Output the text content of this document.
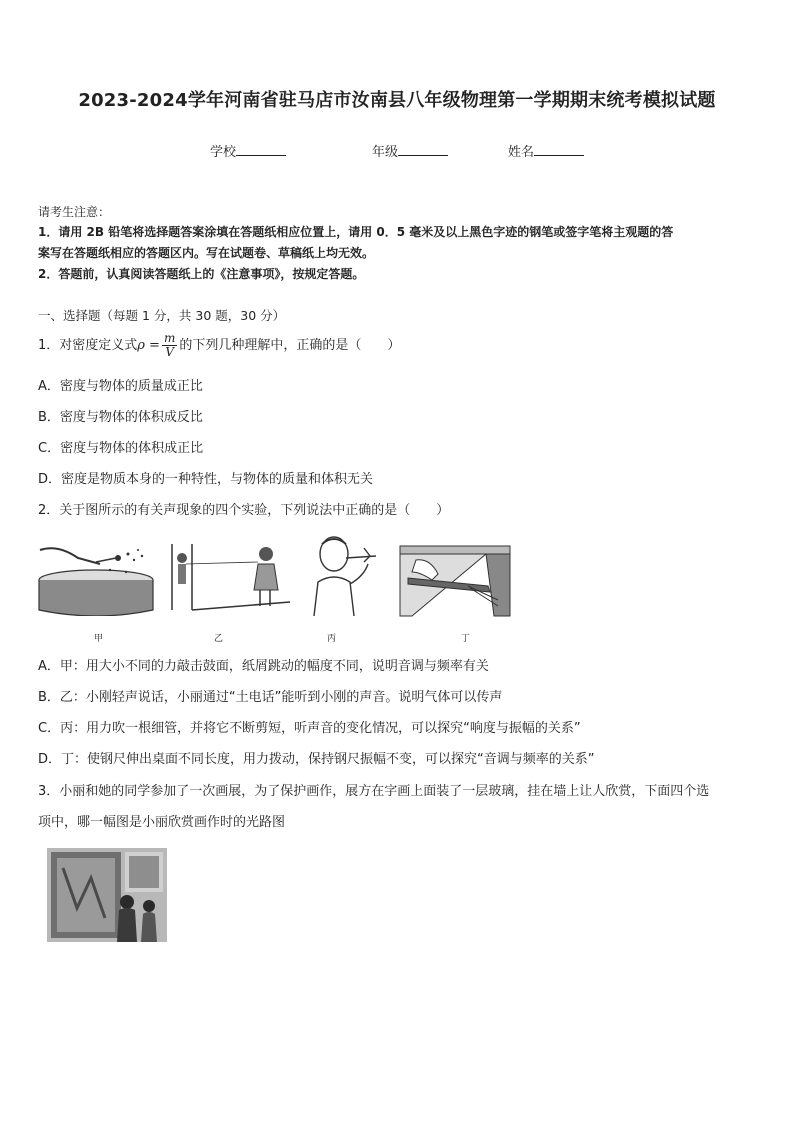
2023-2024学年河南省驻马店市汝南县八年级物理第一学期期末统考模拟试题
学校	年级	姓名
请考生注意：
1．请用 2B 铅笔将选择题答案涂填在答题纸相应位置上，请用 0．5 毫米及以上黑色字迹的钢笔或签字笔将主观题的答
案写在答题纸相应的答题区内。写在试题卷、草稿纸上均无效。
2．答题前，认真阅读答题纸上的《注意事项》，按规定答题。
一、选择题（每题 1 分，共 30 题，30 分）
1．对密度定义式$\rho = \frac{m}{V}$ 的下列几种理解中，正确的是（　　）
A．密度与物体的质量成正比
B．密度与物体的体积成反比
C．密度与物体的体积成正比
D．密度是物质本身的一种特性，与物体的质量和体积无关
2．关于图所示的有关声现象的四个实验，下列说法中正确的是（　　）
甲	乙	丙	丁
A．甲：用大小不同的力敲击鼓面，纸屑跳动的幅度不同，说明音调与频率有关
B．乙：小刚轻声说话，小丽通过“土电话”能听到小刚的声音。说明气体可以传声
C．丙：用力吹一根细管，并将它不断剪短，听声音的变化情况，可以探究“响度与振幅的关系”
D．丁：使钢尺伸出桌面不同长度，用力拨动，保持钢尺振幅不变，可以探究“音调与频率的关系”
3．小丽和她的同学参加了一次画展，为了保护画作，展方在字画上面装了一层玻璃，挂在墙上让人欣赏，下面四个选
项中，哪一幅图是小丽欣赏画作时的光路图
